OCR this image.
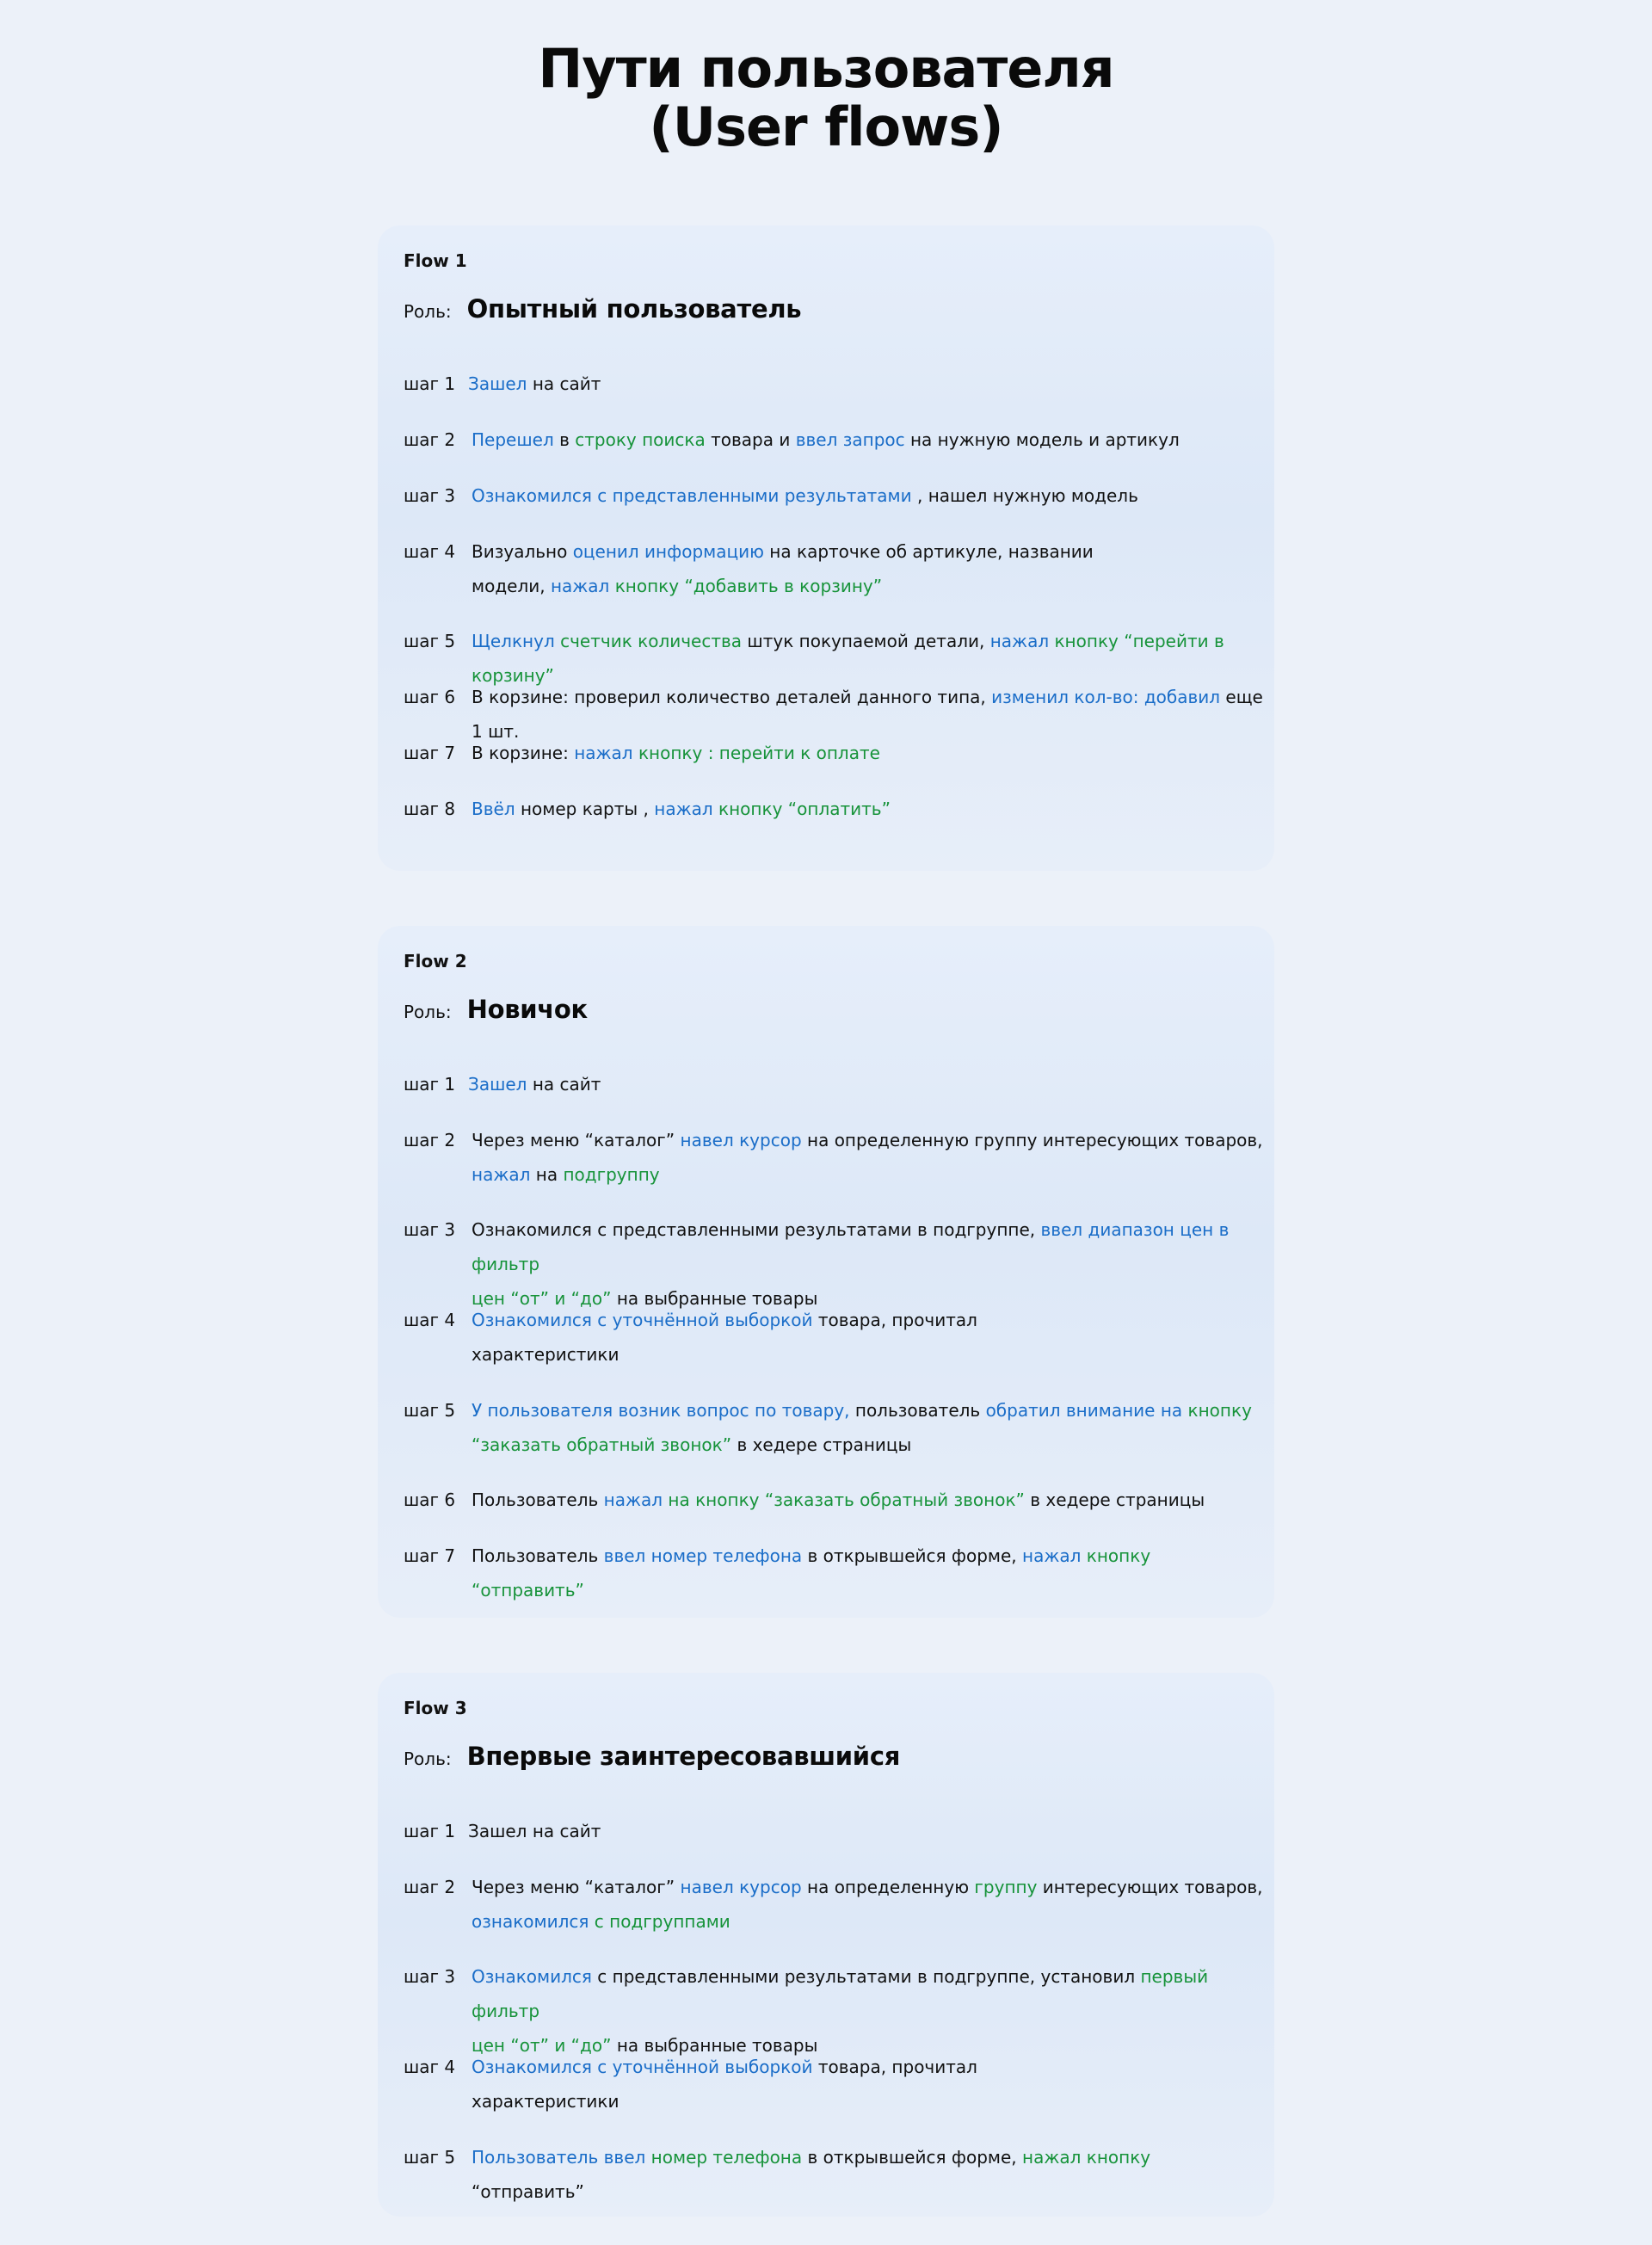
Пути пользователя
(User flows)
Flow 1
Роль: Опытный пользователь
шаг 1 Зашел на сайт
шаг 2 Перешел в строку поиска товара и ввел запрос на нужную модель и артикул
шаг 3 Ознакомился с представленными результатами , нашел нужную модель
шаг 4 Визуально оценил информацию на карточке об артикуле, названии
модели, нажал кнопку “добавить в корзину”
шаг 5 Щелкнул счетчик количества штук покупаемой детали, нажал кнопку “перейти в корзину”
шаг 6 В корзине: проверил количество деталей данного типа, изменил кол-во: добавил еще 1 шт.
шаг 7 В корзине: нажал кнопку : перейти к оплате
шаг 8 Ввёл номер карты , нажал кнопку “оплатить”
Flow 2
Роль: Новичок
шаг 1 Зашел на сайт
шаг 2 Через меню “каталог” навел курсор на определенную группу интересующих товаров,
нажал на подгруппу
шаг 3 Ознакомился с представленными результатами в подгруппе, ввел диапазон цен в фильтр
цен “от” и “до” на выбранные товары
шаг 4 Ознакомился с уточнённой выборкой товара, прочитал
характеристики
шаг 5 У пользователя возник вопрос по товару, пользователь обратил внимание на кнопку
“заказать обратный звонок” в хедере страницы
шаг 6 Пользователь нажал на кнопку “заказать обратный звонок” в хедере страницы
шаг 7 Пользователь ввел номер телефона в открывшейся форме, нажал кнопку “отправить”
Flow 3
Роль: Впервые заинтересовавшийся
шаг 1 Зашел на сайт
шаг 2 Через меню “каталог” навел курсор на определенную группу интересующих товаров,
ознакомился с подгруппами
шаг 3 Ознакомился с представленными результатами в подгруппе, установил первый фильтр
цен “от” и “до” на выбранные товары
шаг 4 Ознакомился с уточнённой выборкой товара, прочитал
характеристики
шаг 5 Пользователь ввел номер телефона в открывшейся форме, нажал кнопку “отправить”
